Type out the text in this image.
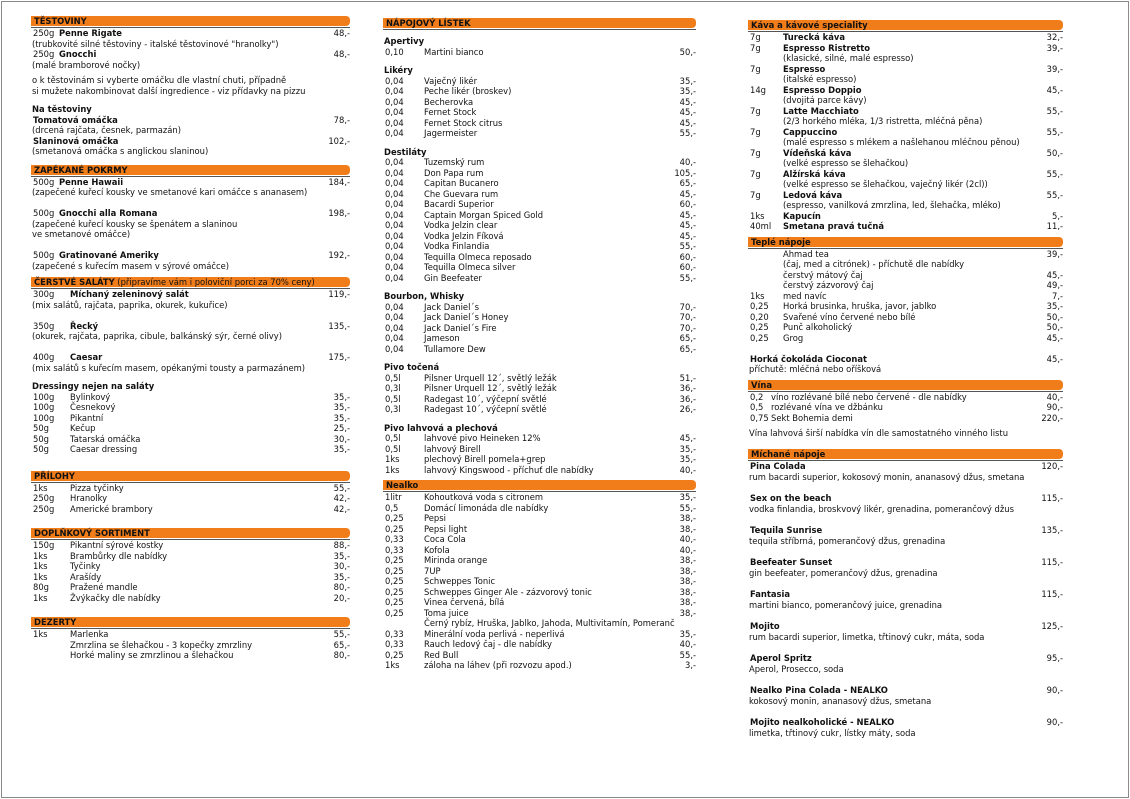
TĚSTOVINY
250g Penne Rigate	48,-
(trubkovité silné těstoviny - italské těstovinové "hranolky")
250g Gnocchi	48,-
(malé bramborové nočky)
o k těstovinám si vyberte omáčku dle vlastní chuti, případně
si mužete nakombinovat další ingredience - viz přídavky na pizzu
Na těstoviny
Tomatová omáčka	78,-
(drcená rajčata, česnek, parmazán)
Slaninová omáčka	102,-
(smetanová omáčka s anglickou slaninou)
ZAPÉKANÉ POKRMY
500g Penne Hawaii	184,-
(zapečené kuřecí kousky ve smetanové kari omáčce s ananasem)
500g Gnocchi alla Romana	198,-
(zapečené kuřecí kousky se špenátem a slaninou
ve smetanové omáčce)
500g Gratinované Ameriky	192,-
(zapečené s kuřecím masem v sýrové omáčce)
ČERSTVÉ SALÁTY (připravíme vám i poloviční porci za 70% ceny)
300g Míchaný zeleninový salát	119,-
(mix salátů, rajčata, paprika, okurek, kukuřice)
350g Řecký	135,-
(okurek, rajčata, paprika, cibule, balkánský sýr, černé olivy)
400g Caesar	175,-
(mix salátů s kuřecím masem, opékanými tousty a parmazánem)
Dressingy nejen na saláty
100g Bylinkový	35,-
100g Česnekový	35,-
100g Pikantní	35,-
50g	Kečup	25,-
50g	Tatarská omáčka	30,-
50g	Caesar dressing	35,-
PŘÍLOHY
1ks	Pizza tyčinky	55,-
250g Hranolky	42,-
250g Americké brambory	42,-
DOPLŇKOVÝ SORTIMENT
150g Pikantní sýrové kostky	88,-
1ks	Brambůrky dle nabídky	35,-
1ks	Tyčinky	30,-
1ks	Arašídy	35,-
80g	Pražené mandle	80,-
1ks	Žvýkačky dle nabídky	20,-
DEZERTY
1ks	Marlenka	55,-
Zmrzlina se šlehačkou - 3 kopečky zmrzliny	65,-
Horké maliny se zmrzlinou a šlehačkou	80,-
NÁPOJOVÝ LÍSTEK
Apertivy
0,10 Martini bianco	50,-
Likéry
0,04 Vaječný likér	35,-
0,04 Peche likér (broskev)	35,-
0,04 Becherovka	45,-
0,04 Fernet Stock	45,-
0,04 Fernet Stock citrus	45,-
0,04 Jagermeister	55,-
Destiláty
0,04 Tuzemský rum	40,-
0,04 Don Papa rum	105,-
0,04 Capitan Bucanero	65,-
0,04 Che Guevara rum	45,-
0,04 Bacardi Superior	60,-
0,04 Captain Morgan Spiced Gold	45,-
0,04 Vodka Jelzin clear	45,-
0,04 Vodka Jelzin Fíková	45,-
0,04 Vodka Finlandia	55,-
0,04 Tequilla Olmeca reposado	60,-
0,04 Tequilla Olmeca silver	60,-
0,04 Gin Beefeater	55,-
Bourbon, Whisky
0,04 Jack Daniel´s	70,-
0,04 Jack Daniel´s Honey	70,-
0,04 Jack Daniel´s Fire	70,-
0,04 Jameson	65,-
0,04 Tullamore Dew	65,-
Pivo točená
0,5l	Pilsner Urquell 12´, světlý ležák	51,-
0,3l	Pilsner Urquell 12´, světlý ležák	36,-
0,5l	Radegast 10´, výčepní světlé	36,-
0,3l	Radegast 10´, výčepní světlé	26,-
Pivo lahvová a plechová
0,5l	lahvové pivo Heineken 12%	45,-
0,5l	lahvový Birell	35,-
1ks	plechový Birell pomela+grep	35,-
1ks	lahvový Kingswood - příchuť dle nabídky	40,-
Nealko
1litr	Kohoutková voda s citronem	35,-
0,5	Domácí limonáda dle nabídky	55,-
0,25 Pepsi	38,-
0,25 Pepsi light	38,-
0,33 Coca Cola	40,-
0,33 Kofola	40,-
0,25 Mirinda orange	38,-
0,25 7UP	38,-
0,25 Schweppes Tonic	38,-
0,25 Schweppes Ginger Ale - zázvorový tonic	38,-
0,25 Vinea červená, bílá	38,-
0,25 Toma juice	38,-
Černý rybíz, Hruška, Jablko, Jahoda, Multivitamín, Pomeranč
0,33 Minerální voda perlivá - neperlivá	35,-
0,33 Rauch ledový čaj - dle nabídky	40,-
0,25 Red Bull	55,-
1ks	záloha na láhev (při rozvozu apod.)	3,-
Káva a kávové speciality
7g	Turecká káva	32,-
7g	Espresso Ristretto	39,-
(klasické, silné, malé espresso)
7g	Espresso	39,-
(italské espresso)
14g Espresso Doppio	45,-
(dvojitá parce kávy)
7g	Latte Macchiato	55,-
(2/3 horkého mléka, 1/3 ristretta, mléčná pěna)
7g	Cappuccino	55,-
(malé espresso s mlékem a našlehanou mléčnou pěnou)
7g	Vídeňská káva	50,-
(velké espresso se šlehačkou)
7g	Alžírská káva	55,-
(velké espresso se šlehačkou, vaječný likér (2cl))
7g	Ledová káva	55,-
(espresso, vanilková zmrzlina, led, šlehačka, mléko)
1ks Kapucín	5,-
40ml Smetana pravá tučná	11,-
Teplé nápoje
Ahmad tea	39,-
(čaj, med a citrónek) - příchutě dle nabídky
čerstvý mátový čaj	45,-
čerstvý zázvorový čaj	49,-
1ks med navíc	7,-
0,25 Horká brusinka, hruška, javor, jablko	35,-
0,20 Svařené víno červené nebo bílé	50,-
0,25 Punč alkoholický	50,-
0,25 Grog	45,-
Horká čokoláda Cioconat	45,-
příchutě: mléčná nebo oříšková
Vína
0,2 víno rozlévané bílé nebo červené - dle nabídky	40,-
0,5 rozlévané vína ve džbánku	90,-
0,75 Sekt Bohemia demi	220,-
Vína lahvová širší nabídka vín dle samostatného vinného listu
Míchané nápoje
Pina Colada	120,-
rum bacardi superior, kokosový monin, ananasový džus, smetana
Sex on the beach	115,-
vodka finlandia, broskvový likér, grenadina, pomerančový džus
Tequila Sunrise	135,-
tequila stříbrná, pomerančový džus, grenadina
Beefeater Sunset	115,-
gin beefeater, pomerančový džus, grenadina
Fantasia	115,-
martini bianco, pomerančový juice, grenadina
Mojito	125,-
rum bacardi superior, limetka, třtinový cukr, máta, soda
Aperol Spritz	95,-
Aperol, Prosecco, soda
Nealko Pina Colada - NEALKO	90,-
kokosový monin, ananasový džus, smetana
Mojito nealkoholické - NEALKO	90,-
limetka, třtinový cukr, lístky máty, soda
